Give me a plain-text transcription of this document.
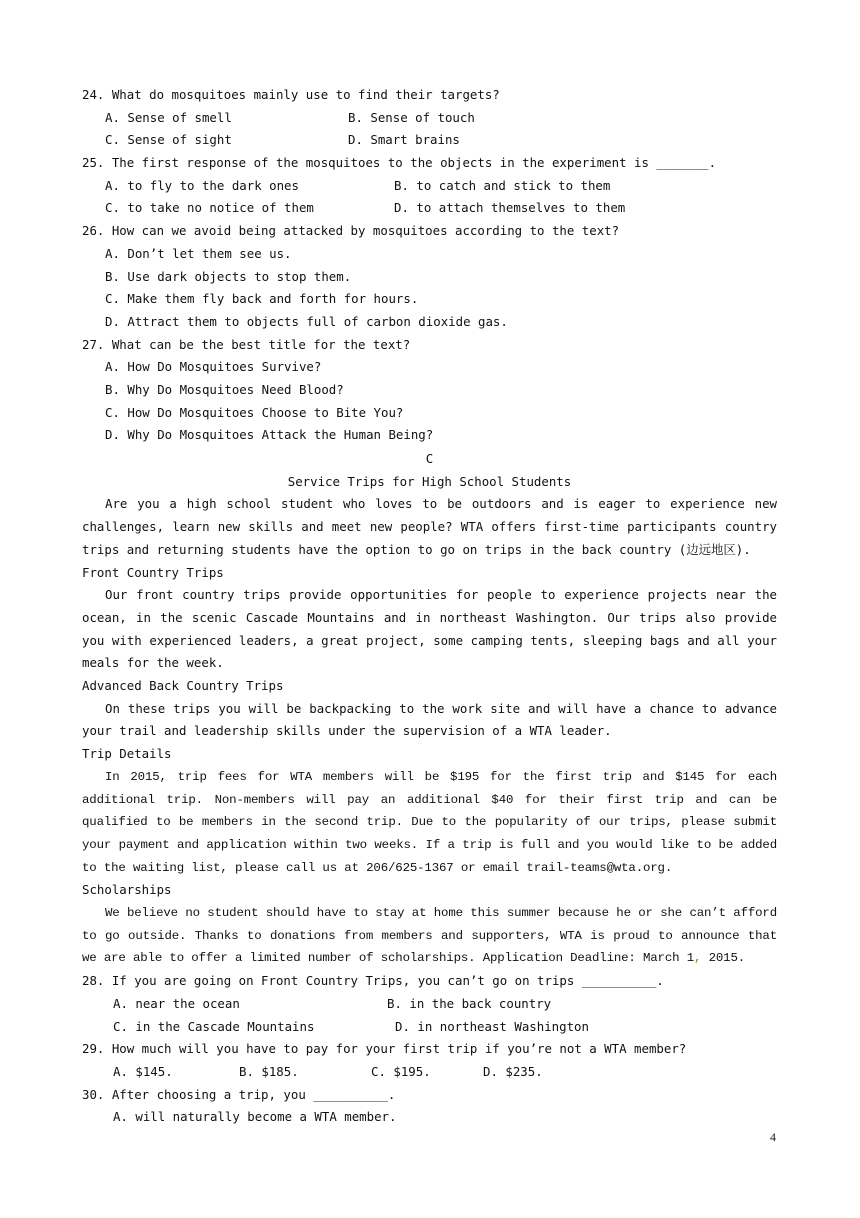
24. What do mosquitoes mainly use to find their targets?
A. Sense of smell	B. Sense of touch
C. Sense of sight	D. Smart brains
25. The first response of the mosquitoes to the objects in the experiment is _______.
A. to fly to the dark ones	B. to catch and stick to them
C. to take no notice of them	D. to attach themselves to them
26. How can we avoid being attacked by mosquitoes according to the text?
A. Don’t let them see us.
B. Use dark objects to stop them.
C. Make them fly back and forth for hours.
D. Attract them to objects full of carbon dioxide gas.
27. What can be the best title for the text?
A. How Do Mosquitoes Survive?
B. Why Do Mosquitoes Need Blood?
C. How Do Mosquitoes Choose to Bite You?
D. Why Do Mosquitoes Attack the Human Being?
C
Service Trips for High School Students
Are you a high school student who loves to be outdoors and is eager to experience new challenges, learn new skills and meet new people? WTA offers first-time participants country trips and returning students have the option to go on trips in the back country (边远地区).
Front Country Trips
Our front country trips provide opportunities for people to experience projects near the ocean, in the scenic Cascade Mountains and in northeast Washington. Our trips also provide you with experienced leaders, a great project, some camping tents, sleeping bags and all your meals for the week.
Advanced Back Country Trips
On these trips you will be backpacking to the work site and will have a chance to advance your trail and leadership skills under the supervision of a WTA leader.
Trip Details
In 2015, trip fees for WTA members will be $195 for the first trip and $145 for each additional trip. Non-members will pay an additional $40 for their first trip and can be qualified to be members in the second trip. Due to the popularity of our trips, please submit your payment and application within two weeks. If a trip is full and you would like to be added to the waiting list, please call us at 206/625-1367 or email trail-teams@wta.org.
Scholarships
We believe no student should have to stay at home this summer because he or she can’t afford to go outside. Thanks to donations from members and supporters, WTA is proud to announce that we are able to offer a limited number of scholarships. Application Deadline: March 1, 2015.
28. If you are going on Front Country Trips, you can’t go on trips __________.
A. near the ocean	B. in the back country
C. in the Cascade Mountains	D. in northeast Washington
29. How much will you have to pay for your first trip if you’re not a WTA member?
A. $145.	B. $185.	C. $195.	D. $235.
30. After choosing a trip, you __________.
A. will naturally become a WTA member.
4
